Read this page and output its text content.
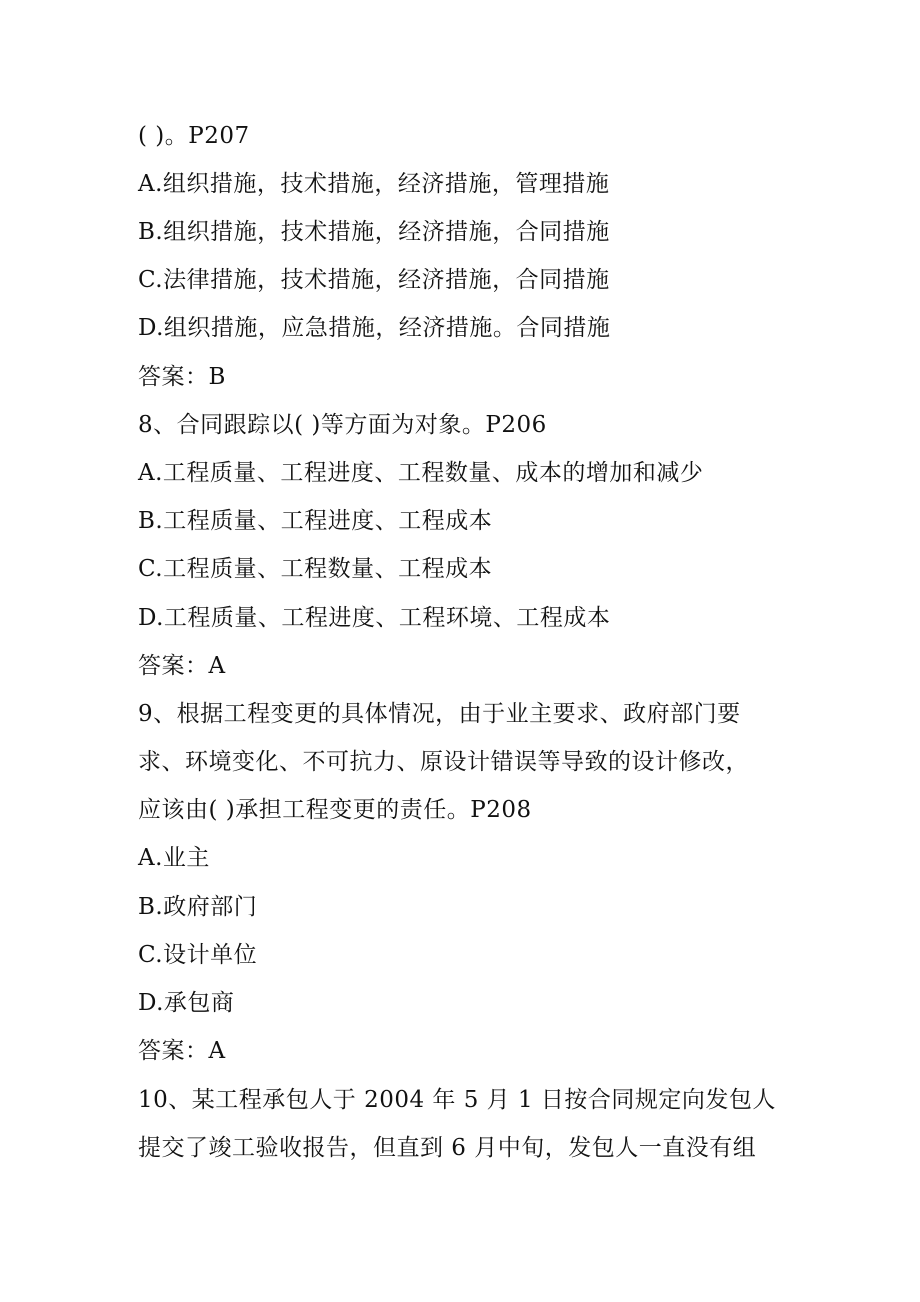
( )。P207
A.组织措施，技术措施，经济措施，管理措施
B.组织措施，技术措施，经济措施，合同措施
C.法律措施，技术措施，经济措施，合同措施
D.组织措施，应急措施，经济措施。合同措施
答案：B
8、合同跟踪以( )等方面为对象。P206
A.工程质量、工程进度、工程数量、成本的增加和减少
B.工程质量、工程进度、工程成本
C.工程质量、工程数量、工程成本
D.工程质量、工程进度、工程环境、工程成本
答案：A
9、根据工程变更的具体情况，由于业主要求、政府部门要
求、环境变化、不可抗力、原设计错误等导致的设计修改，
应该由( )承担工程变更的责任。P208
A.业主
B.政府部门
C.设计单位
D.承包商
答案：A
10、某工程承包人于 2004 年 5 月 1 日按合同规定向发包人
提交了竣工验收报告，但直到 6 月中旬，发包人一直没有组
